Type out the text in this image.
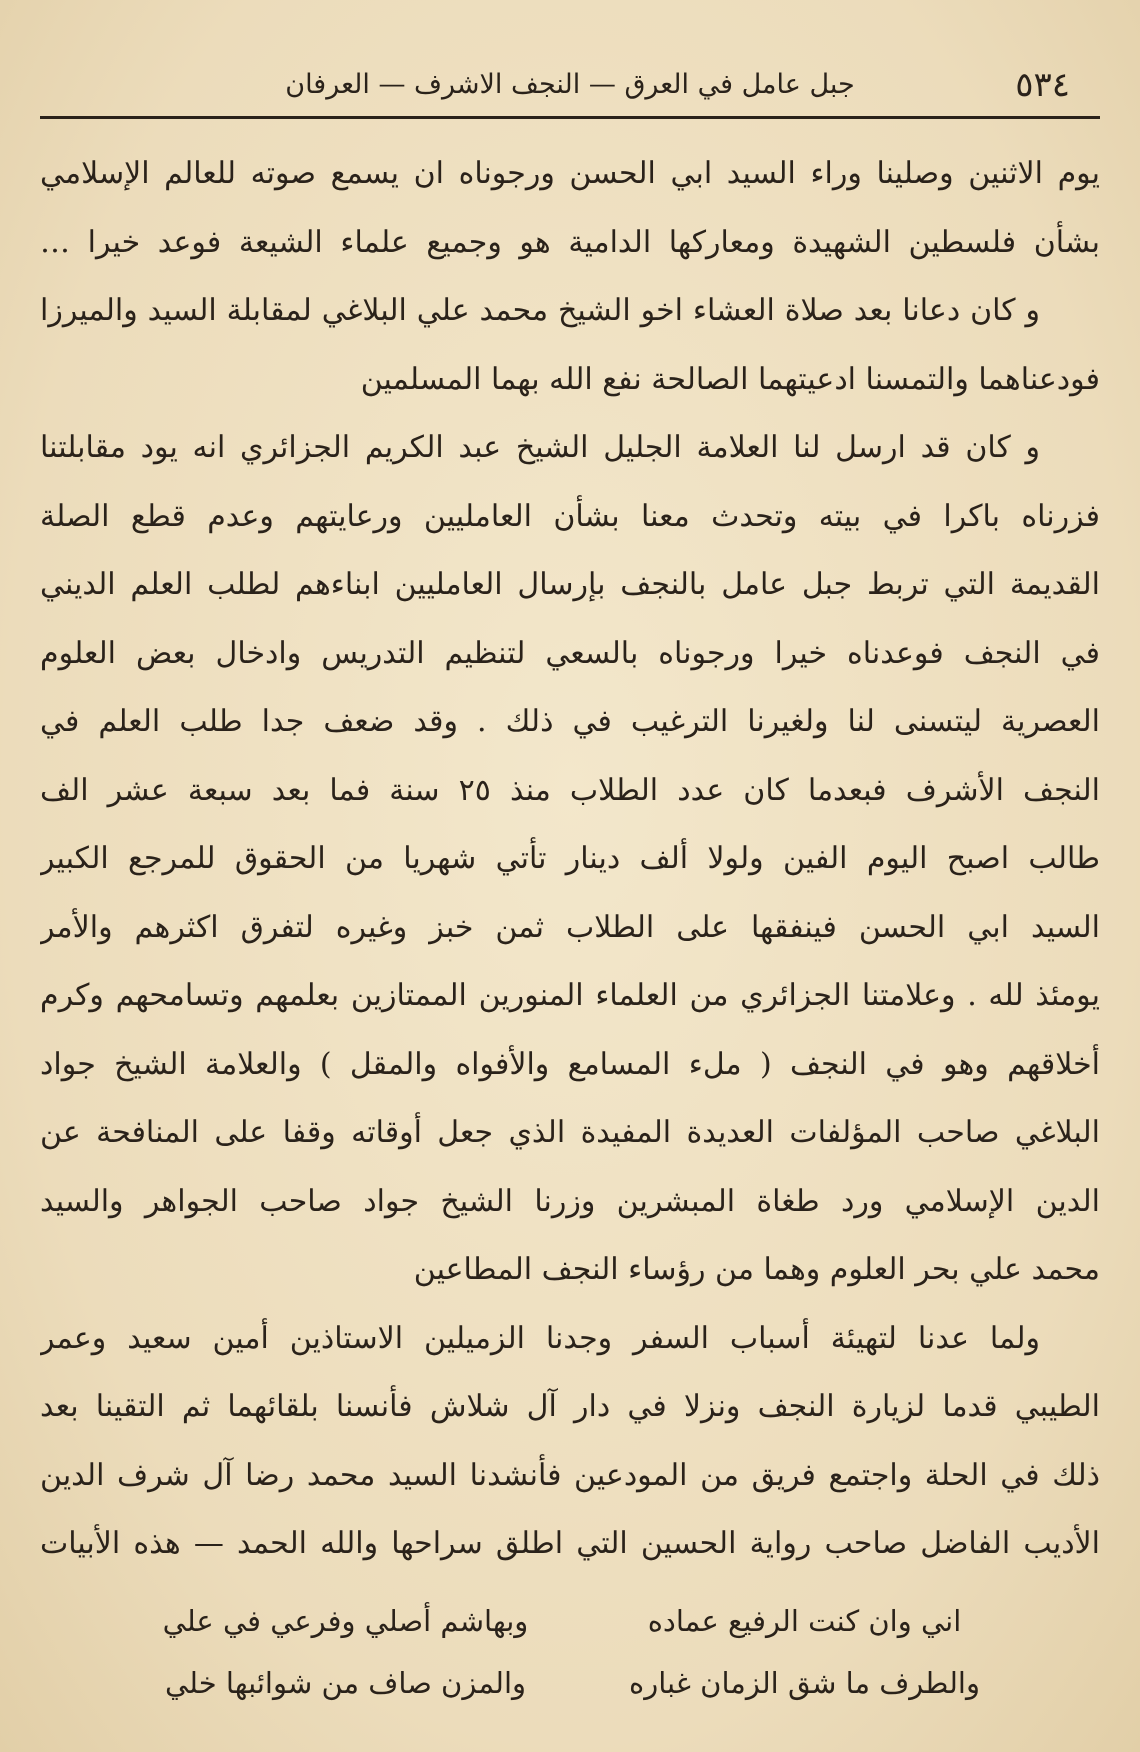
٥٣٤
جبل عامل في العرق — النجف الاشرف — العرفان
يوم الاثنين وصلينا وراء السيد ابي الحسن ورجوناه ان يسمع صوته للعالم الإسلامي
بشأن فلسطين الشهيدة ومعاركها الدامية هو وجميع علماء الشيعة فوعد خيرا …
و كان دعانا بعد صلاة العشاء اخو الشيخ محمد علي البلاغي لمقابلة السيد والميرزا
فودعناهما والتمسنا ادعيتهما الصالحة نفع الله بهما المسلمين
و كان قد ارسل لنا العلامة الجليل الشيخ عبد الكريم الجزائري انه يود مقابلتنا
فزرناه باكرا في بيته وتحدث معنا بشأن العامليين ورعايتهم وعدم قطع الصلة
القديمة التي تربط جبل عامل بالنجف بإرسال العامليين ابناءهم لطلب العلم الديني
في النجف فوعدناه خيرا ورجوناه بالسعي لتنظيم التدريس وادخال بعض العلوم
العصرية ليتسنى لنا ولغيرنا الترغيب في ذلك . وقد ضعف جدا طلب العلم في
النجف الأشرف فبعدما كان عدد الطلاب منذ ٢٥ سنة فما بعد سبعة عشر الف
طالب اصبح اليوم الفين ولولا ألف دينار تأتي شهريا من الحقوق للمرجع الكبير
السيد ابي الحسن فينفقها على الطلاب ثمن خبز وغيره لتفرق اكثرهم والأمر
يومئذ لله . وعلامتنا الجزائري من العلماء المنورين الممتازين بعلمهم وتسامحهم وكرم
أخلاقهم وهو في النجف ( ملء المسامع والأفواه والمقل ) والعلامة الشيخ جواد
البلاغي صاحب المؤلفات العديدة المفيدة الذي جعل أوقاته وقفا على المنافحة عن
الدين الإسلامي ورد طغاة المبشرين وزرنا الشيخ جواد صاحب الجواهر والسيد
محمد علي بحر العلوم وهما من رؤساء النجف المطاعين
ولما عدنا لتهيئة أسباب السفر وجدنا الزميلين الاستاذين أمين سعيد وعمر
الطيبي قدما لزيارة النجف ونزلا في دار آل شلاش فأنسنا بلقائهما ثم التقينا بعد
ذلك في الحلة واجتمع فريق من المودعين فأنشدنا السيد محمد رضا آل شرف الدين
الأديب الفاضل صاحب رواية الحسين التي اطلق سراحها والله الحمد — هذه الأبيات
اني وان كنت الرفيع عماده
وبهاشم أصلي وفرعي في علي
والطرف ما شق الزمان غباره
والمزن صاف من شوائبها خلي
